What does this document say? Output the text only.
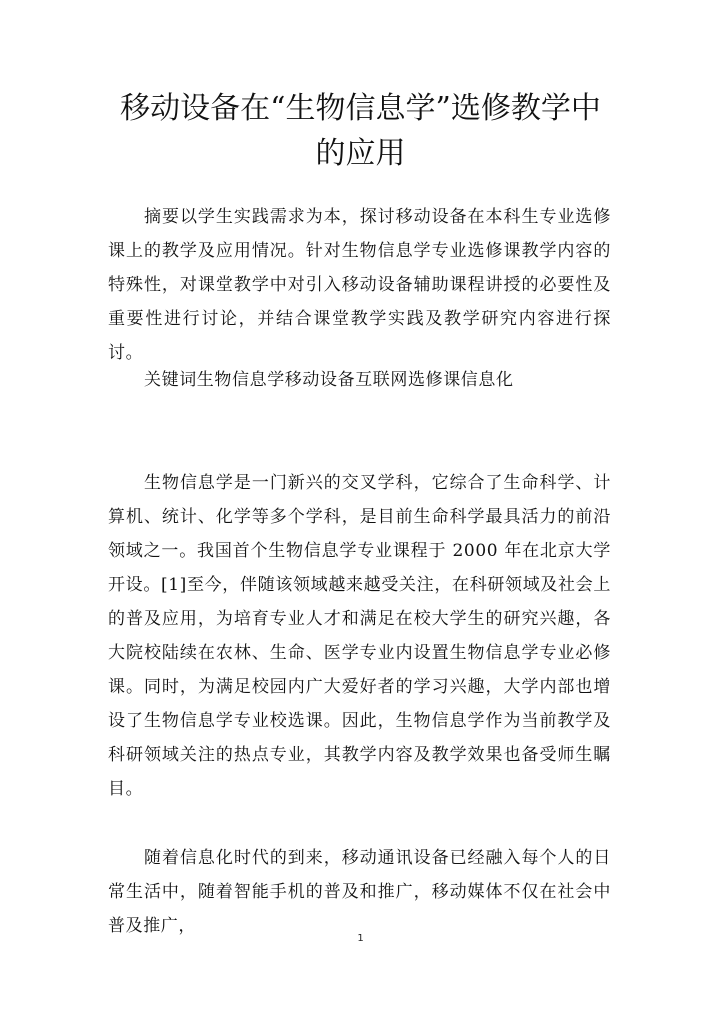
移动设备在“生物信息学”选修教学中的应用

摘要以学生实践需求为本，探讨移动设备在本科生专业选修课上的教学及应用情况。针对生物信息学专业选修课教学内容的特殊性，对课堂教学中对引入移动设备辅助课程讲授的必要性及重要性进行讨论，并结合课堂教学实践及教学研究内容进行探讨。

关键词生物信息学移动设备互联网选修课信息化

生物信息学是一门新兴的交叉学科，它综合了生命科学、计算机、统计、化学等多个学科，是目前生命科学最具活力的前沿领域之一。我国首个生物信息学专业课程于 2000 年在北京大学开设。[1]至今，伴随该领域越来越受关注，在科研领域及社会上的普及应用，为培育专业人才和满足在校大学生的研究兴趣，各大院校陆续在农林、生命、医学专业内设置生物信息学专业必修课。同时，为满足校园内广大爱好者的学习兴趣，大学内部也增设了生物信息学专业校选课。因此，生物信息学作为当前教学及科研领域关注的热点专业，其教学内容及教学效果也备受师生瞩目。

随着信息化时代的到来，移动通讯设备已经融入每个人的日常生活中，随着智能手机的普及和推广，移动媒体不仅在社会中普及推广，

1
